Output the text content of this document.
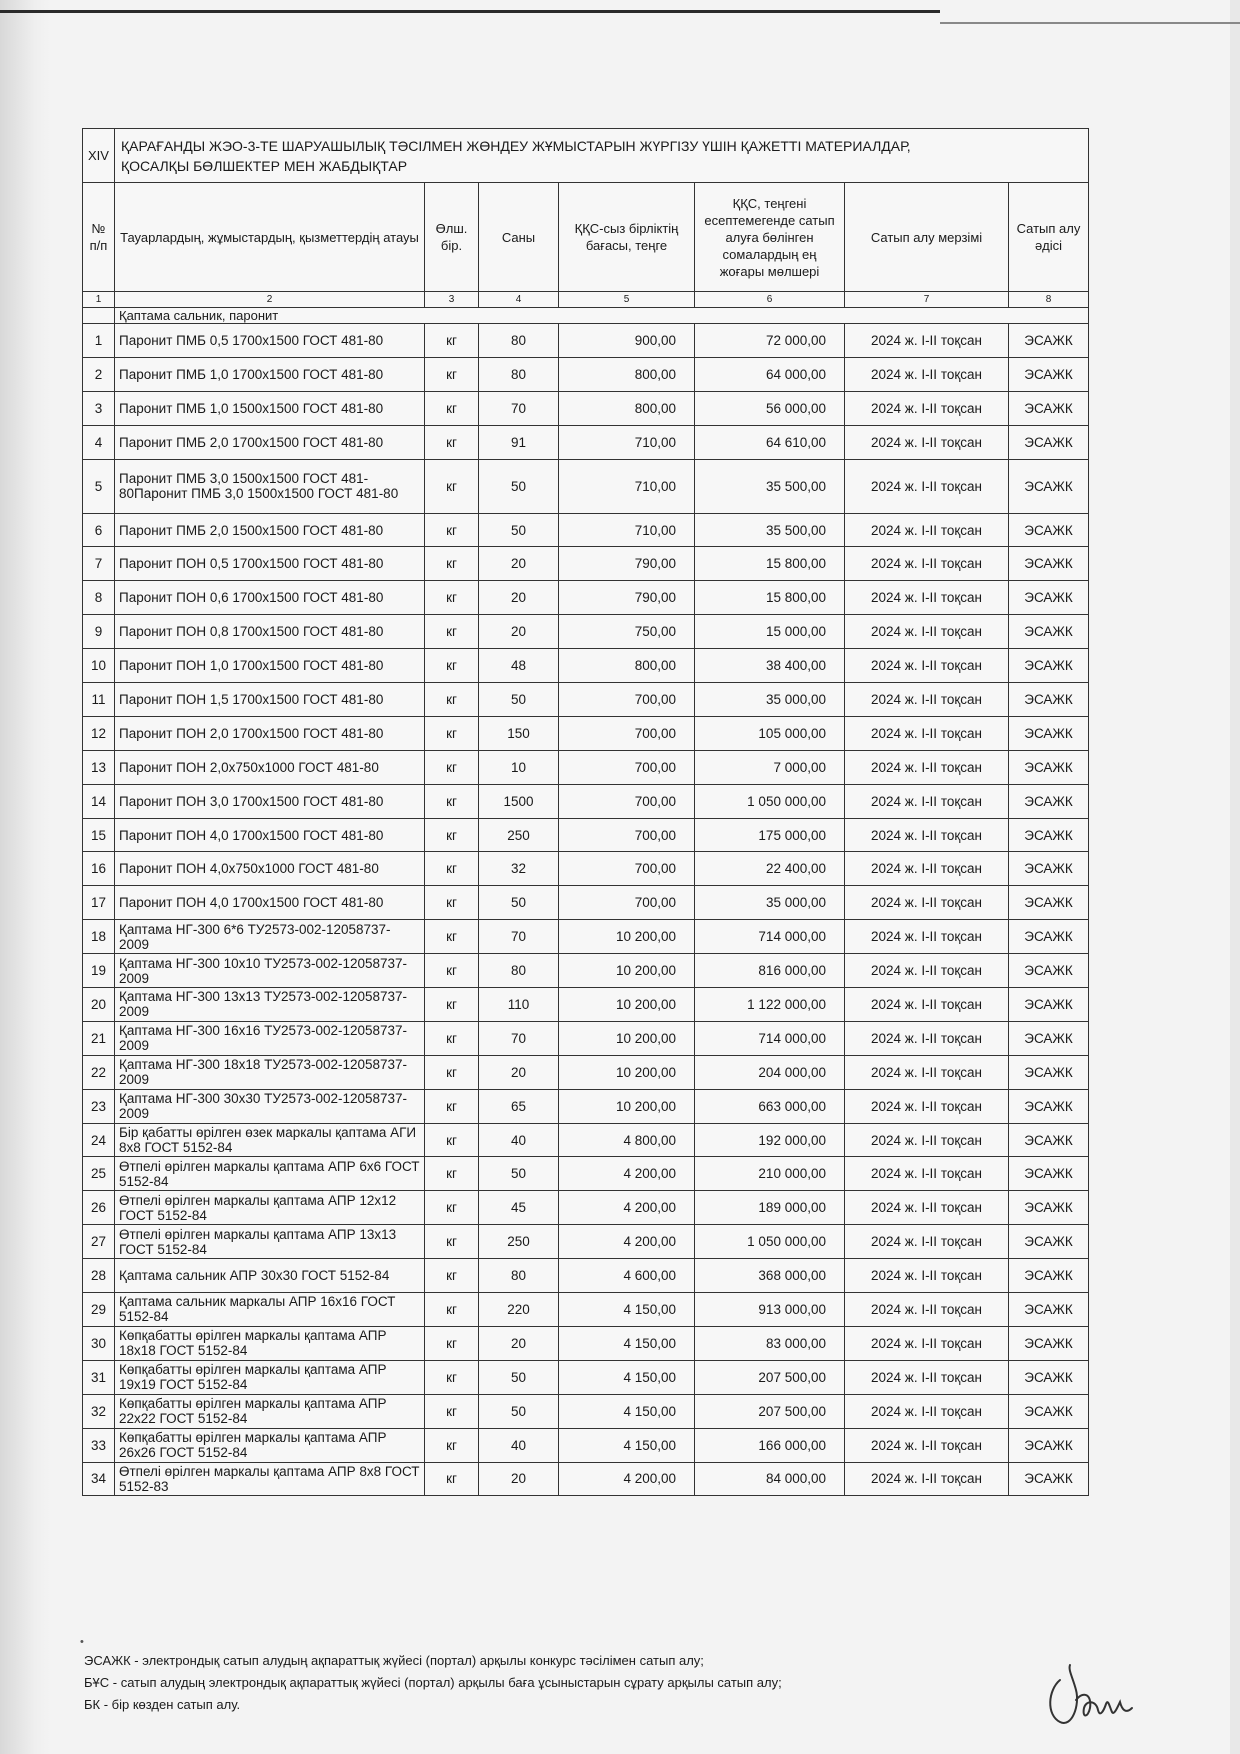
XIV	ҚАРАҒАНДЫ ЖЭО-3-ТЕ ШАРУАШЫЛЫҚ ТӘСІЛМЕН ЖӨНДЕУ ЖҰМЫСТАРЫН ЖҮРГІЗУ ҮШІН ҚАЖЕТТІ МАТЕРИАЛДАР,
ҚОСАЛҚЫ БӨЛШЕКТЕР МЕН ЖАБДЫҚТАР						

№ п/п	Тауарлардың, жұмыстардың, қызметтердің атауы	Өлш. бір.	Саны	ҚҚС-сыз бірліктің бағасы, теңге	ҚҚС, теңгені есептемегенде сатып алуға бөлінген сомалардың ең жоғары мөлшері	Сатып алу мерзімі	Сатып алу әдісі
1	2	3	4	5	6	7	8
	Қаптама сальник, паронит						
1	Паронит ПМБ 0,5 1700х1500 ГОСТ 481-80	кг	80	900,00	72 000,00	2024 ж. I-II тоқсан	ЭСАЖК
2	Паронит ПМБ 1,0 1700х1500 ГОСТ 481-80	кг	80	800,00	64 000,00	2024 ж. I-II тоқсан	ЭСАЖК
3	Паронит ПМБ 1,0 1500х1500 ГОСТ 481-80	кг	70	800,00	56 000,00	2024 ж. I-II тоқсан	ЭСАЖК
4	Паронит ПМБ 2,0 1700х1500 ГОСТ 481-80	кг	91	710,00	64 610,00	2024 ж. I-II тоқсан	ЭСАЖК
5	Паронит ПМБ 3,0 1500х1500 ГОСТ 481-80Паронит ПМБ 3,0 1500х1500 ГОСТ 481-80	кг	50	710,00	35 500,00	2024 ж. I-II тоқсан	ЭСАЖК
6	Паронит ПМБ 2,0 1500х1500 ГОСТ 481-80	кг	50	710,00	35 500,00	2024 ж. I-II тоқсан	ЭСАЖК
7	Паронит ПОН 0,5 1700х1500 ГОСТ 481-80	кг	20	790,00	15 800,00	2024 ж. I-II тоқсан	ЭСАЖК
8	Паронит ПОН 0,6 1700х1500 ГОСТ 481-80	кг	20	790,00	15 800,00	2024 ж. I-II тоқсан	ЭСАЖК
9	Паронит ПОН 0,8 1700х1500 ГОСТ 481-80	кг	20	750,00	15 000,00	2024 ж. I-II тоқсан	ЭСАЖК
10	Паронит ПОН 1,0 1700х1500 ГОСТ 481-80	кг	48	800,00	38 400,00	2024 ж. I-II тоқсан	ЭСАЖК
11	Паронит ПОН 1,5 1700х1500 ГОСТ 481-80	кг	50	700,00	35 000,00	2024 ж. I-II тоқсан	ЭСАЖК
12	Паронит ПОН 2,0 1700х1500 ГОСТ 481-80	кг	150	700,00	105 000,00	2024 ж. I-II тоқсан	ЭСАЖК
13	Паронит ПОН 2,0х750х1000 ГОСТ 481-80	кг	10	700,00	7 000,00	2024 ж. I-II тоқсан	ЭСАЖК
14	Паронит ПОН 3,0 1700х1500 ГОСТ 481-80	кг	1500	700,00	1 050 000,00	2024 ж. I-II тоқсан	ЭСАЖК
15	Паронит ПОН 4,0 1700х1500 ГОСТ 481-80	кг	250	700,00	175 000,00	2024 ж. I-II тоқсан	ЭСАЖК
16	Паронит ПОН 4,0х750х1000 ГОСТ 481-80	кг	32	700,00	22 400,00	2024 ж. I-II тоқсан	ЭСАЖК
17	Паронит ПОН 4,0 1700х1500 ГОСТ 481-80	кг	50	700,00	35 000,00	2024 ж. I-II тоқсан	ЭСАЖК
18	Қаптама НГ-300 6*6 ТУ2573-002-12058737-2009	кг	70	10 200,00	714 000,00	2024 ж. I-II тоқсан	ЭСАЖК
19	Қаптама НГ-300 10х10 ТУ2573-002-12058737-2009	кг	80	10 200,00	816 000,00	2024 ж. I-II тоқсан	ЭСАЖК
20	Қаптама НГ-300 13х13 ТУ2573-002-12058737-2009	кг	110	10 200,00	1 122 000,00	2024 ж. I-II тоқсан	ЭСАЖК
21	Қаптама НГ-300 16х16 ТУ2573-002-12058737-2009	кг	70	10 200,00	714 000,00	2024 ж. I-II тоқсан	ЭСАЖК
22	Қаптама НГ-300 18х18 ТУ2573-002-12058737-2009	кг	20	10 200,00	204 000,00	2024 ж. I-II тоқсан	ЭСАЖК
23	Қаптама НГ-300 30х30 ТУ2573-002-12058737-2009	кг	65	10 200,00	663 000,00	2024 ж. I-II тоқсан	ЭСАЖК
24	Бір қабатты өрілген өзек маркалы қаптама АГИ 8х8 ГОСТ 5152-84	кг	40	4 800,00	192 000,00	2024 ж. I-II тоқсан	ЭСАЖК
25	Өтпелі өрілген маркалы қаптама АПР 6х6 ГОСТ 5152-84	кг	50	4 200,00	210 000,00	2024 ж. I-II тоқсан	ЭСАЖК
26	Өтпелі өрілген маркалы қаптама АПР 12х12 ГОСТ 5152-84	кг	45	4 200,00	189 000,00	2024 ж. I-II тоқсан	ЭСАЖК
27	Өтпелі өрілген маркалы қаптама АПР 13х13 ГОСТ 5152-84	кг	250	4 200,00	1 050 000,00	2024 ж. I-II тоқсан	ЭСАЖК
28	Қаптама сальник АПР 30х30 ГОСТ 5152-84	кг	80	4 600,00	368 000,00	2024 ж. I-II тоқсан	ЭСАЖК
29	Қаптама сальник маркалы АПР 16х16 ГОСТ 5152-84	кг	220	4 150,00	913 000,00	2024 ж. I-II тоқсан	ЭСАЖК
30	Көпқабатты өрілген маркалы қаптама АПР 18х18 ГОСТ 5152-84	кг	20	4 150,00	83 000,00	2024 ж. I-II тоқсан	ЭСАЖК
31	Көпқабатты өрілген маркалы қаптама АПР 19х19 ГОСТ 5152-84	кг	50	4 150,00	207 500,00	2024 ж. I-II тоқсан	ЭСАЖК
32	Көпқабатты өрілген маркалы қаптама АПР 22х22 ГОСТ 5152-84	кг	50	4 150,00	207 500,00	2024 ж. I-II тоқсан	ЭСАЖК
33	Көпқабатты өрілген маркалы қаптама АПР 26х26 ГОСТ 5152-84	кг	40	4 150,00	166 000,00	2024 ж. I-II тоқсан	ЭСАЖК
34	Өтпелі өрілген маркалы қаптама АПР 8х8 ГОСТ 5152-83	кг	20	4 200,00	84 000,00	2024 ж. I-II тоқсан	ЭСАЖК
•
ЭСАЖК - электрондық сатып алудың ақпараттық жүйесі (портал) арқылы конкурс тәсілімен сатып алу;
БҰС - сатып алудың электрондық ақпараттық жүйесі (портал) арқылы баға ұсыныстарын сұрату арқылы сатып алу;
БК - бір көзден сатып алу.
